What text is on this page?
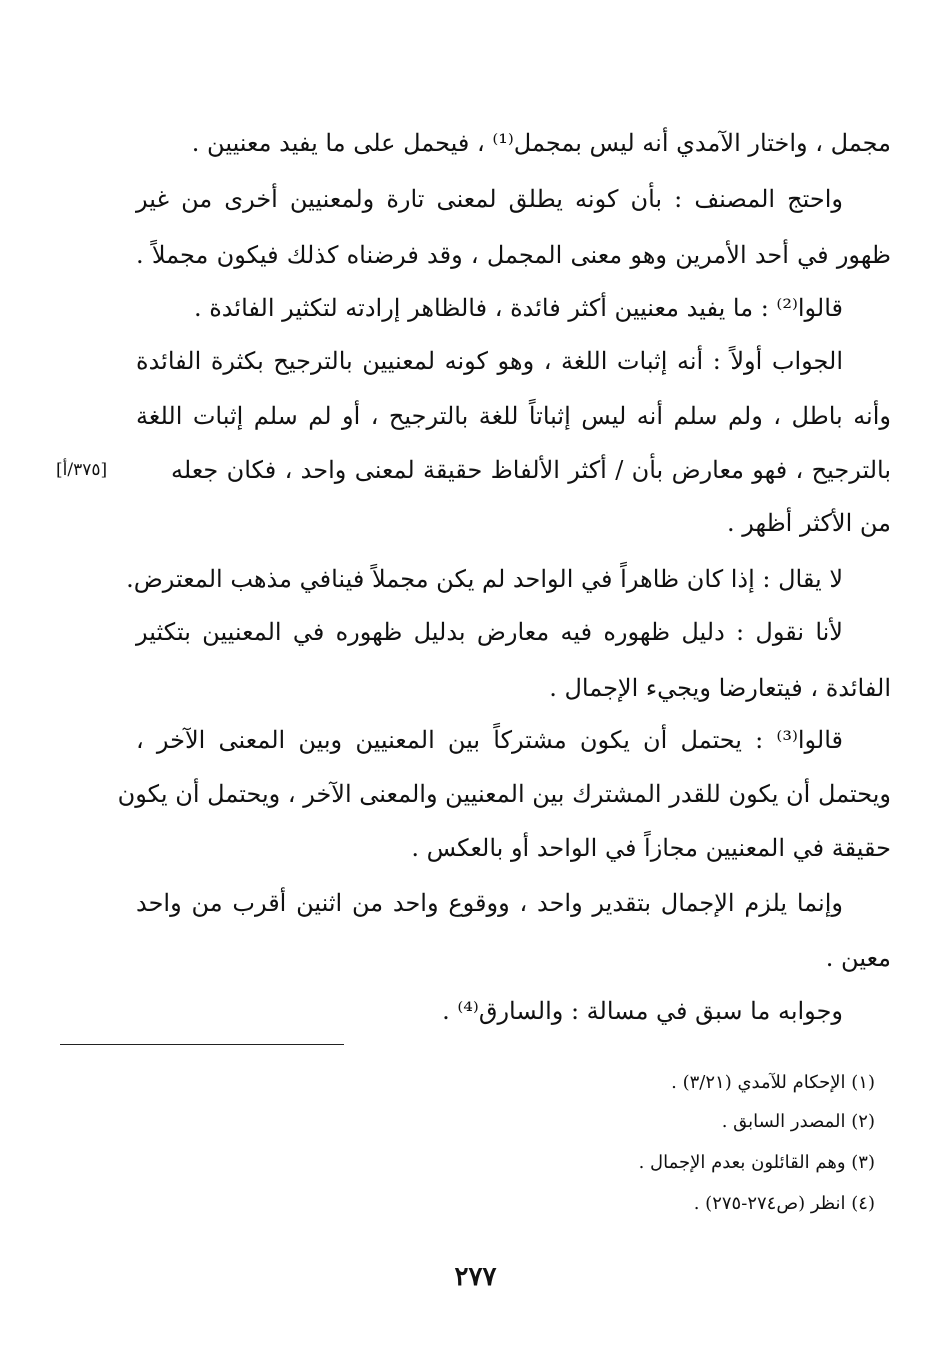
مجمل ، واختار الآمدي أنه ليس بمجمل⁽¹⁾ ، فيحمل على ما يفيد معنيين .
واحتج المصنف : بأن كونه يطلق لمعنى تارة ولمعنيين أخرى من غير
ظهور في أحد الأمرين وهو معنى المجمل ، وقد فرضناه كذلك فيكون مجملاً .
قالوا⁽²⁾ : ما يفيد معنيين أكثر فائدة ، فالظاهر إرادته لتكثير الفائدة .
الجواب أولاً : أنه إثبات اللغة ، وهو كونه لمعنيين بالترجيح بكثرة الفائدة
وأنه باطل ، ولم سلم أنه ليس إثباتاً للغة بالترجيح ، أو لم سلم إثبات اللغة
بالترجيح ، فهو معارض بأن / أكثر الألفاظ حقيقة لمعنى واحد ، فكان جعله
[٣٧٥/أ]
من الأكثر أظهر .
لا يقال : إذا كان ظاهراً في الواحد لم يكن مجملاً فينافي مذهب المعترض.
لأنا نقول : دليل ظهوره فيه معارض بدليل ظهوره في المعنيين بتكثير
الفائدة ، فيتعارضا ويجيء الإجمال .
قالوا⁽³⁾ : يحتمل أن يكون مشتركاً بين المعنيين وبين المعنى الآخر ،
ويحتمل أن يكون للقدر المشترك بين المعنيين والمعنى الآخر ، ويحتمل أن يكون
حقيقة في المعنيين مجازاً في الواحد أو بالعكس .
وإنما يلزم الإجمال بتقدير واحد ، ووقوع واحد من اثنين أقرب من واحد
معين .
وجوابه ما سبق في مسالة : والسارق⁽⁴⁾ .
(١) الإحكام للآمدي (٣/٢١) .
(٢) المصدر السابق .
(٣) وهم القائلون بعدم الإجمال .
(٤) انظر (ص٢٧٤-٢٧٥) .
٢٧٧
